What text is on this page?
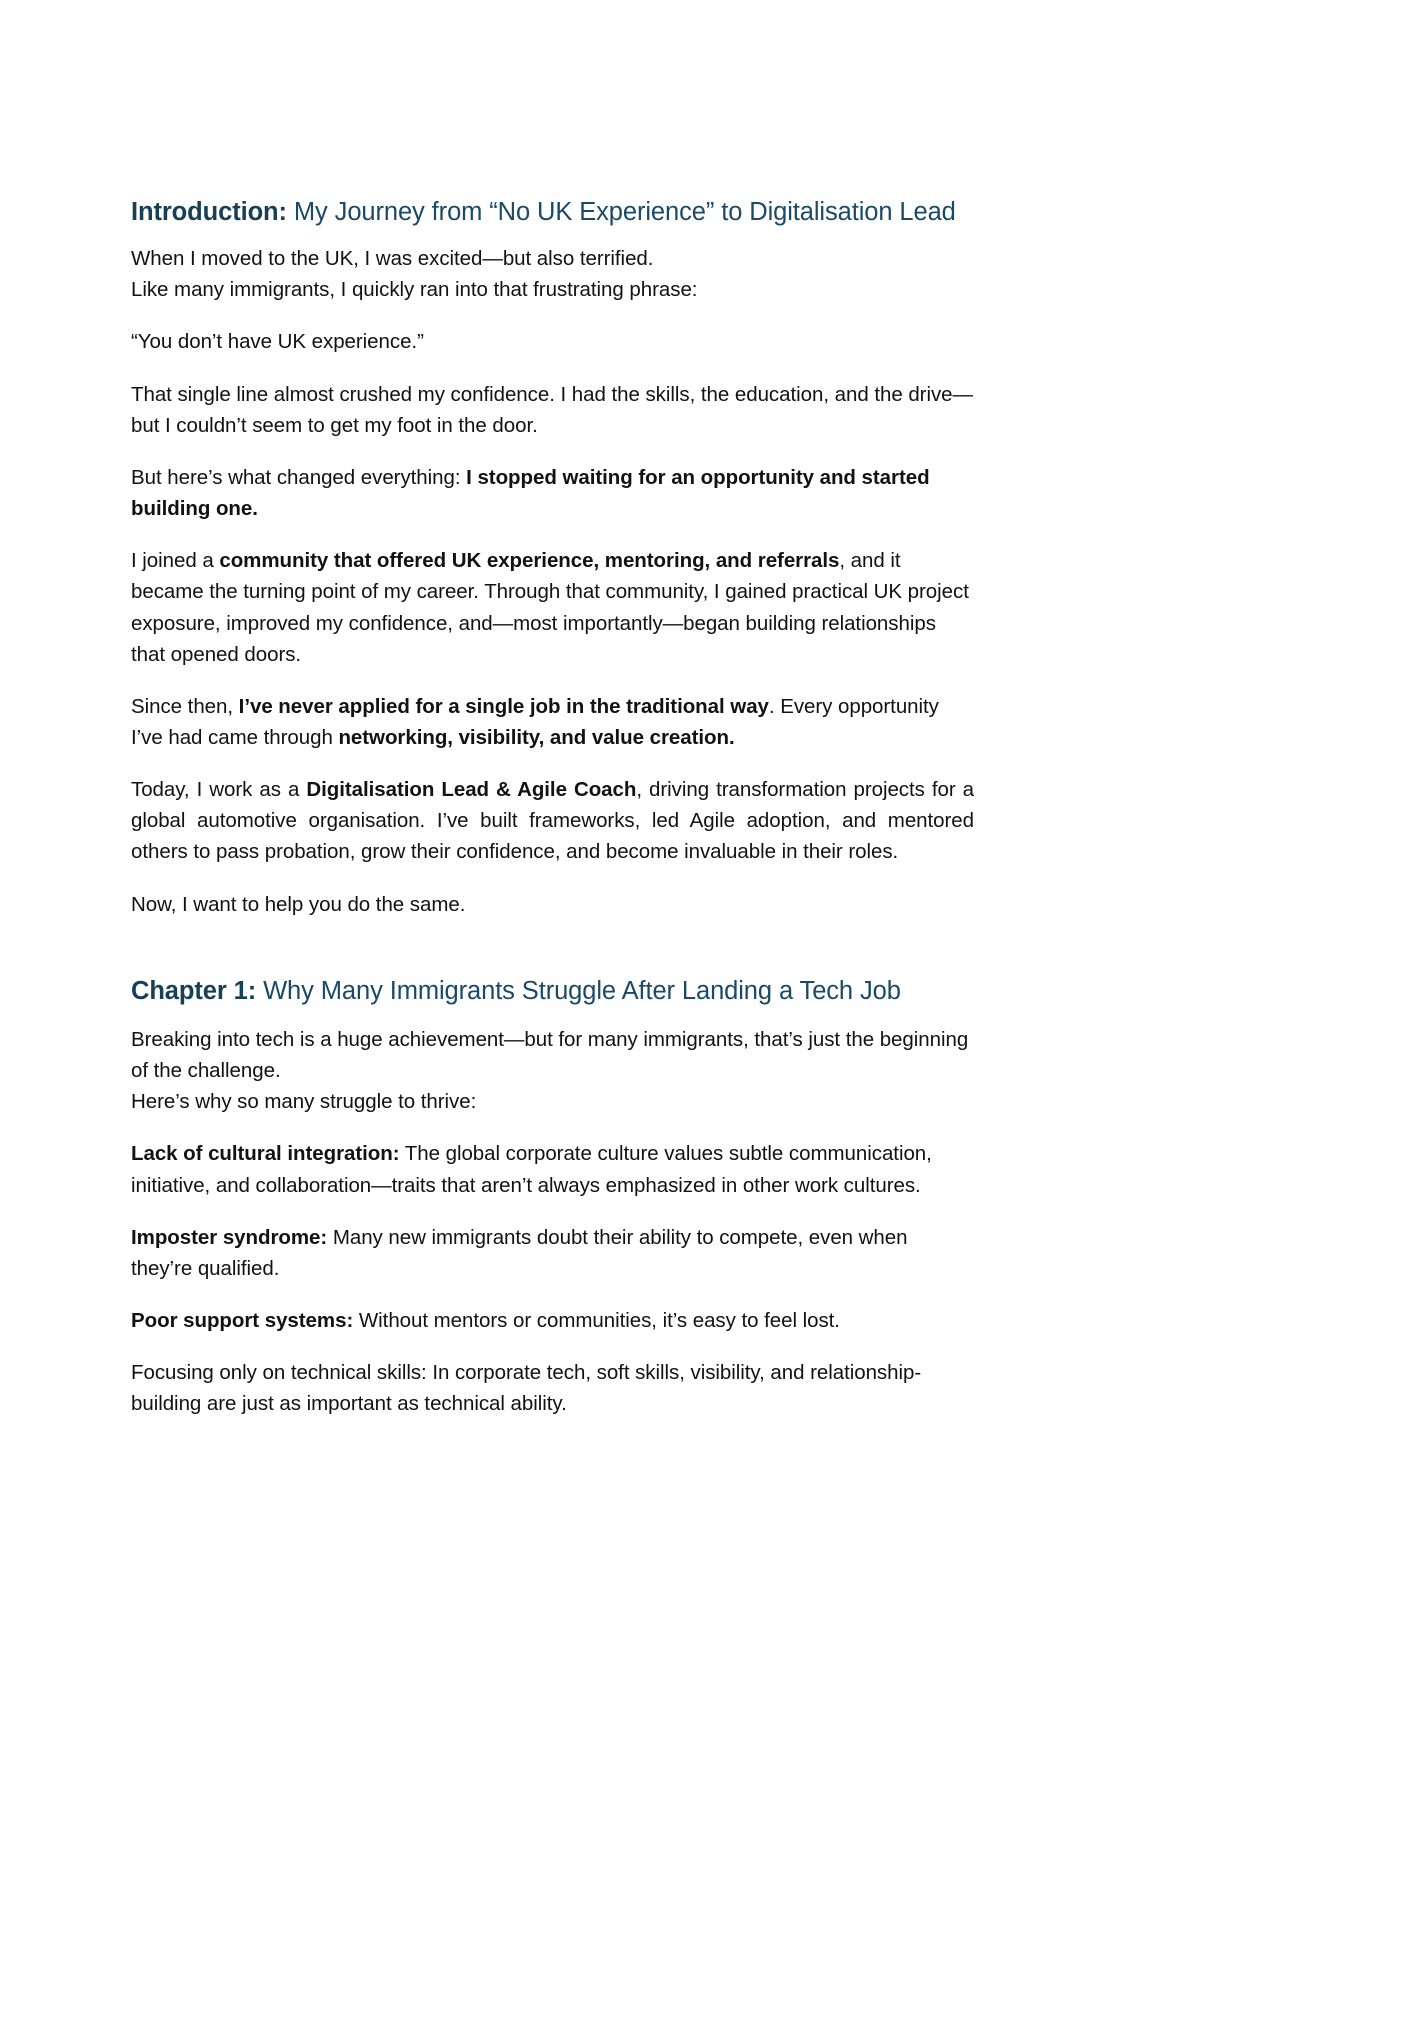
Introduction: My Journey from “No UK Experience” to Digitalisation Lead

When I moved to the UK, I was excited—but also terrified.
Like many immigrants, I quickly ran into that frustrating phrase:

“You don’t have UK experience.”

That single line almost crushed my confidence. I had the skills, the education, and the drive—but I couldn’t seem to get my foot in the door.

But here’s what changed everything: I stopped waiting for an opportunity and started building one.

I joined a community that offered UK experience, mentoring, and referrals, and it became the turning point of my career. Through that community, I gained practical UK project exposure, improved my confidence, and—most importantly—began building relationships that opened doors.

Since then, I’ve never applied for a single job in the traditional way. Every opportunity I’ve had came through networking, visibility, and value creation.

Today, I work as a Digitalisation Lead & Agile Coach, driving transformation projects for a global automotive organisation. I’ve built frameworks, led Agile adoption, and mentored others to pass probation, grow their confidence, and become invaluable in their roles.

Now, I want to help you do the same.

Chapter 1: Why Many Immigrants Struggle After Landing a Tech Job

Breaking into tech is a huge achievement—but for many immigrants, that’s just the beginning of the challenge.
Here’s why so many struggle to thrive:

Lack of cultural integration: The global corporate culture values subtle communication, initiative, and collaboration—traits that aren’t always emphasized in other work cultures.

Imposter syndrome: Many new immigrants doubt their ability to compete, even when they’re qualified.

Poor support systems: Without mentors or communities, it’s easy to feel lost.

Focusing only on technical skills: In corporate tech, soft skills, visibility, and relationship-building are just as important as technical ability.
